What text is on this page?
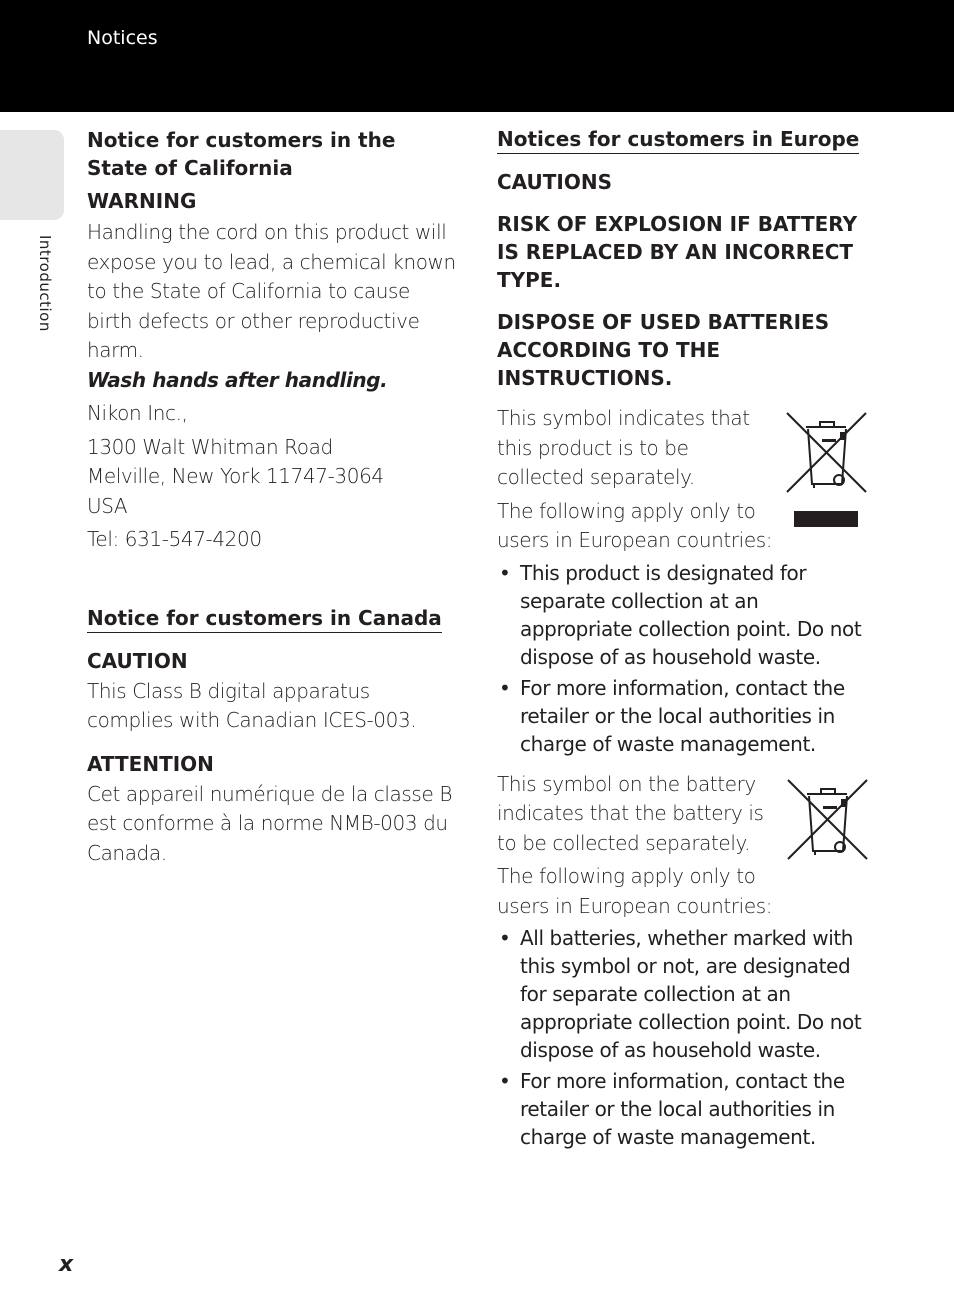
Notices
Introduction
Notice for customers in the State of California
WARNING

Handling the cord on this product will expose you to lead, a chemical known to the State of California to cause birth defects or other reproductive harm.

Wash hands after handling.

Nikon Inc.,

1300 Walt Whitman Road

Melville, New York 11747-3064

USA

Tel: 631-547-4200

Notice for customers in Canada
CAUTION

This Class B digital apparatus complies with Canadian ICES-003.

ATTENTION

Cet appareil numérique de la classe B est conforme à la norme NMB-003 du Canada.

Notices for customers in Europe
CAUTIONS
RISK OF EXPLOSION IF BATTERY IS REPLACED BY AN INCORRECT TYPE.
DISPOSE OF USED BATTERIES ACCORDING TO THE INSTRUCTIONS.

This symbol indicates that this product is to be collected separately.

The following apply only to users in European countries:

• This product is designated for separate collection at an appropriate collection point. Do not dispose of as household waste.
• For more information, contact the retailer or the local authorities in charge of waste management.

This symbol on the battery indicates that the battery is to be collected separately.

The following apply only to users in European countries:

• All batteries, whether marked with this symbol or not, are designated for separate collection at an appropriate collection point. Do not dispose of as household waste.
• For more information, contact the retailer or the local authorities in charge of waste management.
x
